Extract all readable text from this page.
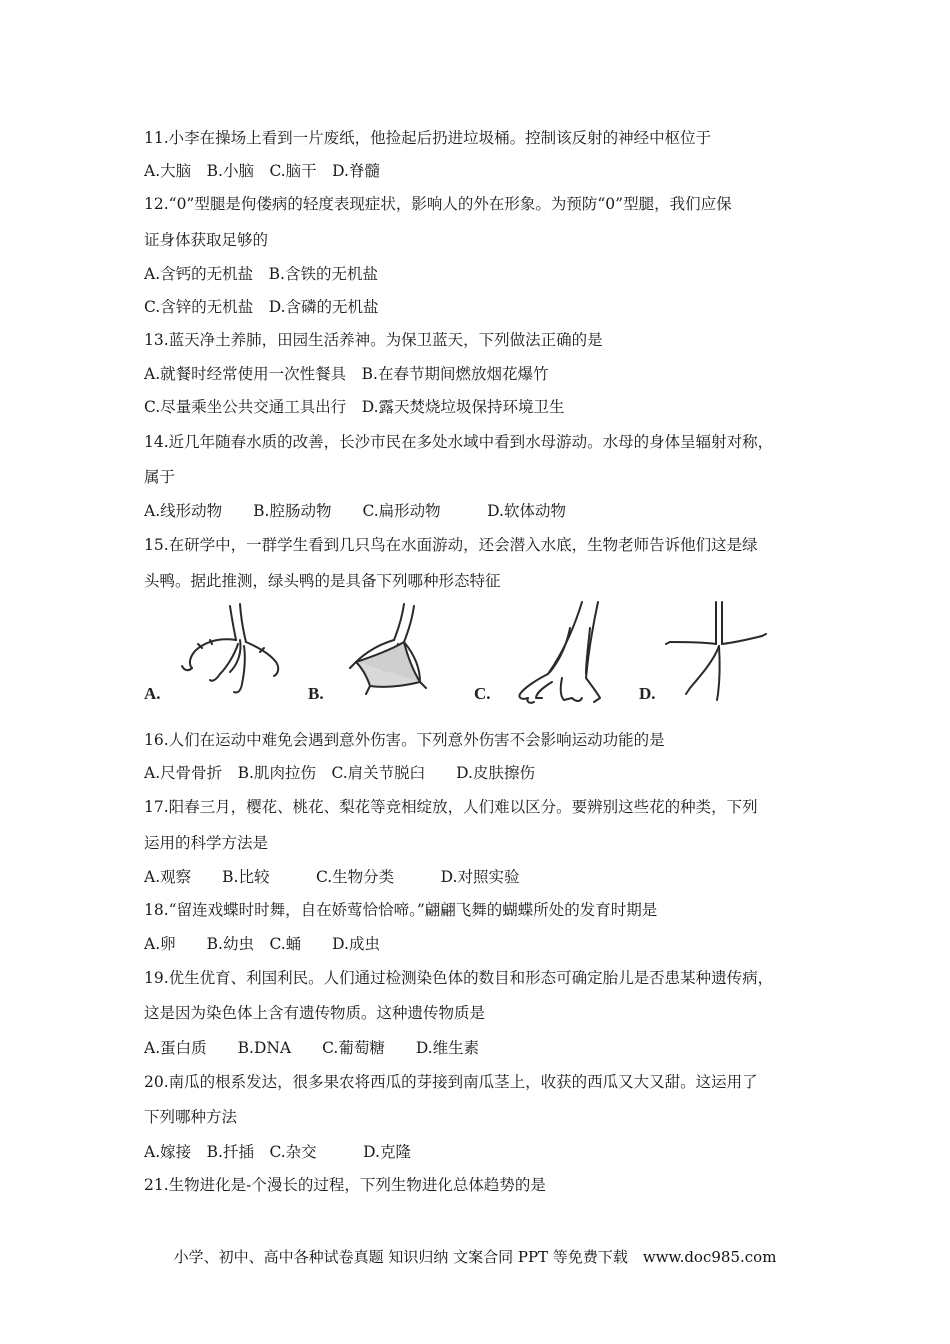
11.小李在操场上看到一片废纸，他捡起后扔进垃圾桶。控制该反射的神经中枢位于
A.大脑　B.小脑　C.脑干　D.脊髓
12.“0”型腿是佝偻病的轻度表现症状，影响人的外在形象。为预防“0”型腿，我们应保
证身体获取足够的
A.含钙的无机盐　B.含铁的无机盐
C.含锌的无机盐　D.含磷的无机盐
13.蓝天净土养肺，田园生活养神。为保卫蓝天，下列做法正确的是
A.就餐时经常使用一次性餐具　B.在春节期间燃放烟花爆竹
C.尽量乘坐公共交通工具出行　D.露天焚烧垃圾保持环境卫生
14.近几年随春水质的改善，长沙市民在多处水域中看到水母游动。水母的身体呈辐射对称，
属于
A.线形动物　　B.腔肠动物　　C.扁形动物　　　D.软体动物
15.在研学中，一群学生看到几只鸟在水面游动，还会潜入水底，生物老师告诉他们这是绿
头鸭。据此推测，绿头鸭的是具备下列哪种形态特征
A.	B.	C.	D.
16.人们在运动中难免会遇到意外伤害。下列意外伤害不会影响运动功能的是
A.尺骨骨折　B.肌肉拉伤　C.肩关节脱臼　　D.皮肤擦伤
17.阳春三月，樱花、桃花、梨花等竞相绽放，人们难以区分。要辨别这些花的种类，下列
运用的科学方法是
A.观察　　B.比较　　　C.生物分类　　　D.对照实验
18.“留连戏蝶时时舞，自在娇莺恰恰啼。”翩翩飞舞的蝴蝶所处的发育时期是
A.卵　　B.幼虫　C.蛹　　D.成虫
19.优生优育、利国利民。人们通过检测染色体的数目和形态可确定胎儿是否患某种遗传病，
这是因为染色体上含有遗传物质。这种遗传物质是
A.蛋白质　　B.DNA　　C.葡萄糖　　D.维生素
20.南瓜的根系发达，很多果农将西瓜的芽接到南瓜茎上，收获的西瓜又大又甜。这运用了
下列哪种方法
A.嫁接　B.扦插　C.杂交　　　D.克隆
21.生物进化是-个漫长的过程，下列生物进化总体趋势的是
小学、初中、高中各种试卷真题 知识归纳 文案合同 PPT 等免费下载　www.doc985.com
